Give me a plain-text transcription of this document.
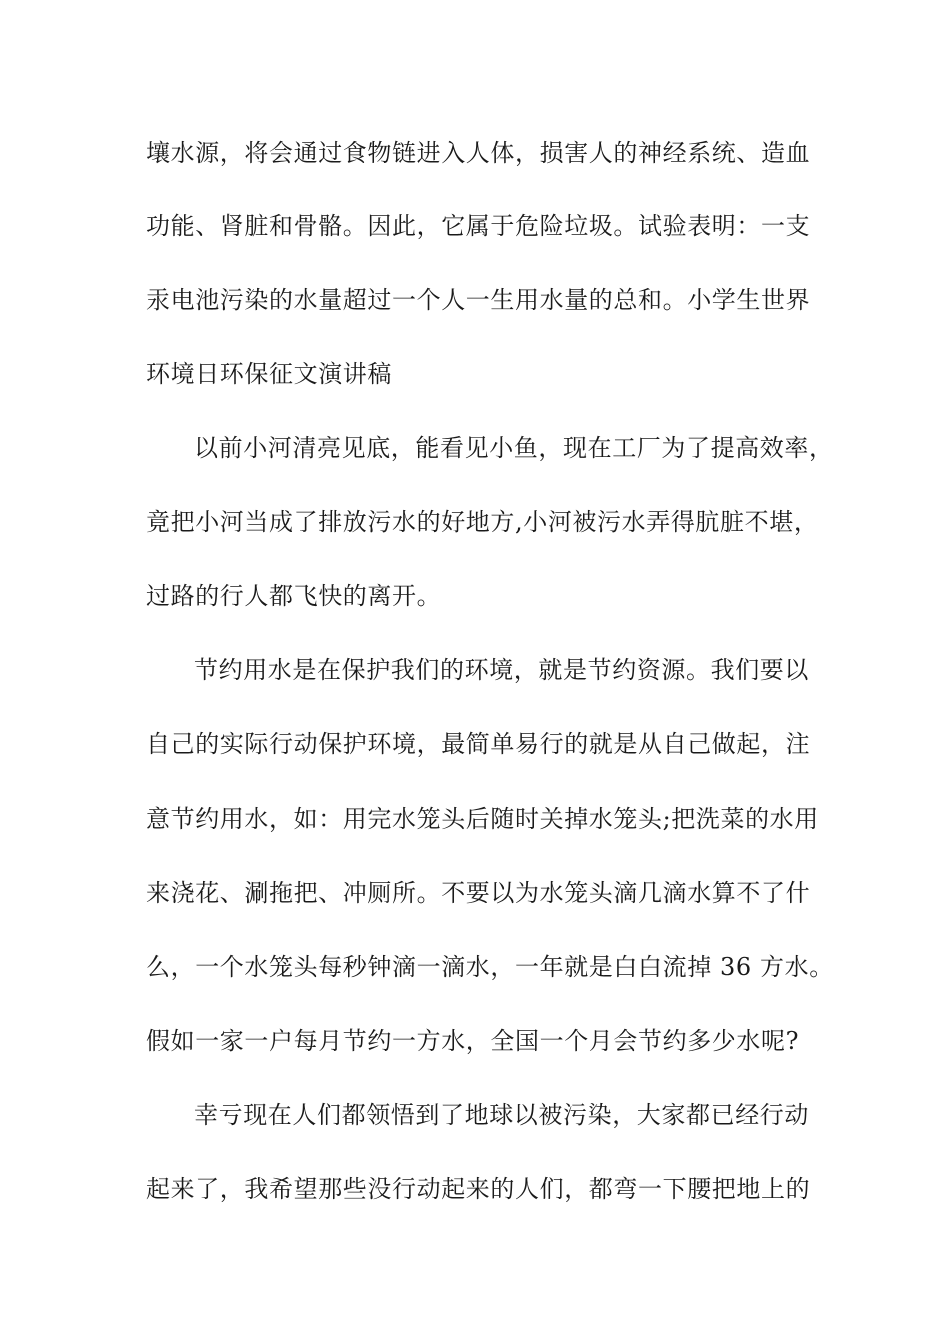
壤水源，将会通过食物链进入人体，损害人的神经系统、造血

功能、肾脏和骨骼。因此，它属于危险垃圾。试验表明：一支

汞电池污染的水量超过一个人一生用水量的总和。小学生世界

环境日环保征文演讲稿

以前小河清亮见底，能看见小鱼，现在工厂为了提高效率，

竟把小河当成了排放污水的好地方,小河被污水弄得肮脏不堪，

过路的行人都飞快的离开。

节约用水是在保护我们的环境，就是节约资源。我们要以

自己的实际行动保护环境，最简单易行的就是从自己做起，注

意节约用水，如：用完水笼头后随时关掉水笼头;把洗菜的水用

来浇花、涮拖把、冲厕所。不要以为水笼头滴几滴水算不了什

么，一个水笼头每秒钟滴一滴水，一年就是白白流掉 36 方水。

假如一家一户每月节约一方水，全国一个月会节约多少水呢?

幸亏现在人们都领悟到了地球以被污染，大家都已经行动

起来了，我希望那些没行动起来的人们，都弯一下腰把地上的
